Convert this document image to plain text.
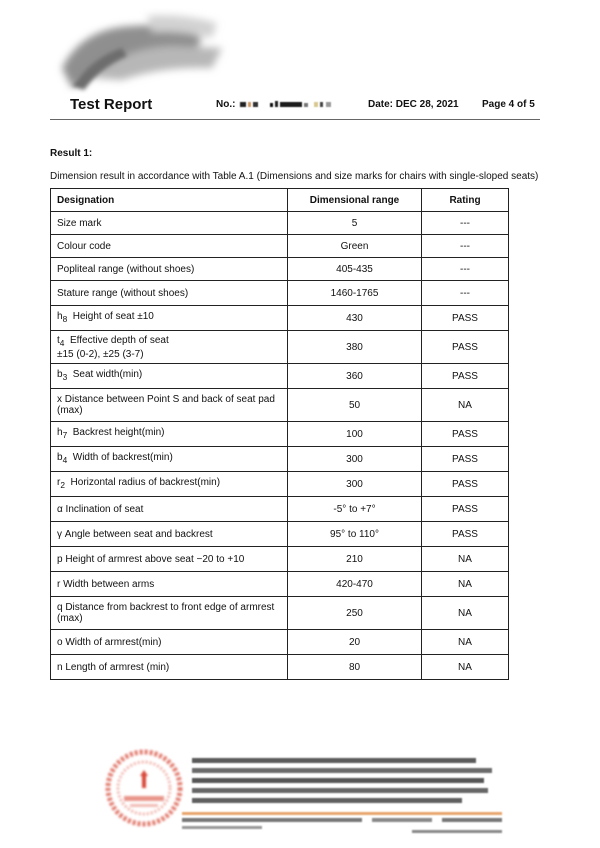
Test Report	No.:	Date: DEC 28, 2021 Page 4 of 5
Result 1:
Dimension result in accordance with Table A.1 (Dimensions and size marks for chairs with single-sloped seats)
Designation	Dimensional range	Rating
Size mark	5	---
Colour code	Green	---
Popliteal range (without shoes)	405-435	---
Stature range (without shoes)	1460-1765	---
$h_8$ Height of seat ±10	430	PASS
$t_4$ Effective depth of seat
±15 (0-2), ±25 (3-7)	380	PASS
$b_3$ Seat width(min)	360	PASS
x Distance between Point S and back of seat pad (max)	50	NA
$h_7$ Backrest height(min)	100	PASS
$b_4$ Width of backrest(min)	300	PASS
$r_2$ Horizontal radius of backrest(min)	300	PASS
α Inclination of seat	-5° to +7°	PASS
γ Angle between seat and backrest	95° to 110°	PASS
p Height of armrest above seat −20 to +10	210	NA
r Width between arms	420-470	NA
q Distance from backrest to front edge of armrest (max)	250	NA
o Width of armrest(min)	20	NA
n Length of armrest (min)	80	NA
